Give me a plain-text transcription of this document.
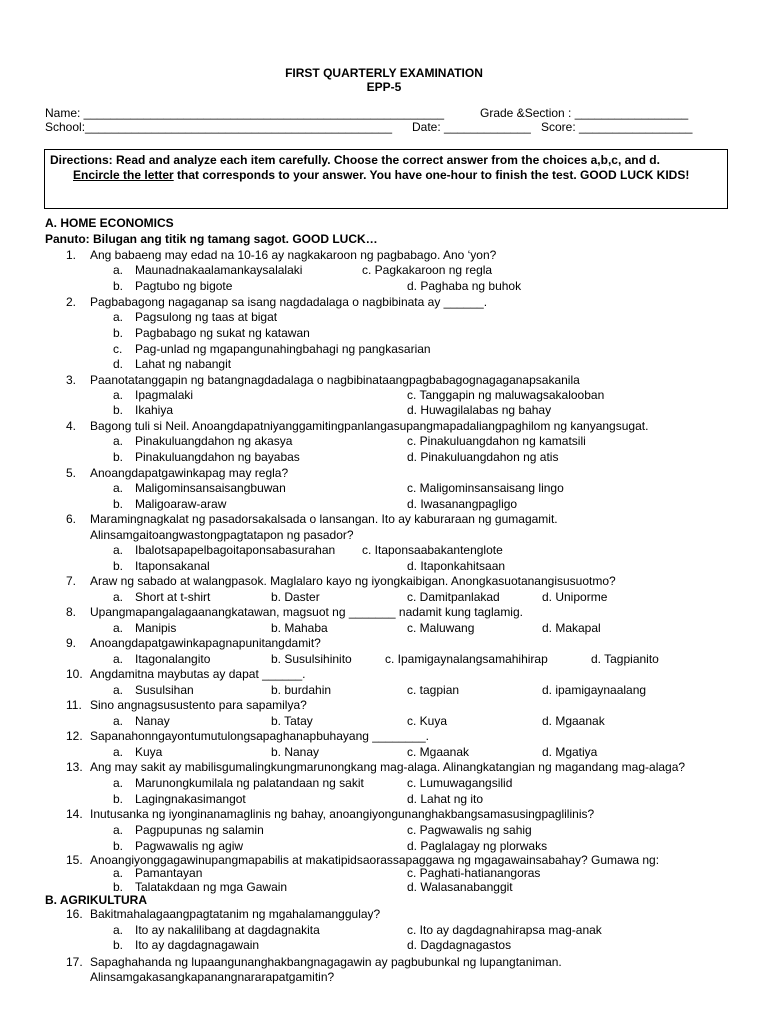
FIRST QUARTERLY EXAMINATION
EPP-5
Name: ______________________________________________________	Grade &Section : _________________
School:______________________________________________ Date: _____________ Score: _________________
Directions: Read and analyze each item carefully. Choose the correct answer from the choices a,b,c, and d.
Encircle the letter that corresponds to your answer. You have one-hour to finish the test. GOOD LUCK KIDS!
A. HOME ECONOMICS
Panuto: Bilugan ang titik ng tamang sagot. GOOD LUCK…
1. Ang babaeng may edad na 10-16 ay nagkakaroon ng pagbabago. Ano ‘yon?
a. Maunadnakaalamankaysalalaki	c. Pagkakaroon ng regla
b. Pagtubo ng bigote	d. Paghaba ng buhok
2. Pagbabagong nagaganap sa isang nagdadalaga o nagbibinata ay ______.
a. Pagsulong ng taas at bigat
b. Pagbabago ng sukat ng katawan
c. Pag-unlad ng mgapangunahingbahagi ng pangkasarian
d. Lahat ng nabangit
3. Paanotatanggapin ng batangnagdadalaga o nagbibinataangpagbabagognagaganapsakanila
a. Ipagmalaki	c. Tanggapin ng maluwagsakalooban
b. Ikahiya	d. Huwagilalabas ng bahay
4. Bagong tuli si Neil. Anoangdapatniyanggamitingpanlangasupangmapadaliangpaghilom ng kanyangsugat.
a. Pinakuluangdahon ng akasya	c. Pinakuluangdahon ng kamatsili
b. Pinakuluangdahon ng bayabas	d. Pinakuluangdahon ng atis
5. Anoangdapatgawinkapag may regla?
a. Maligominsansaisangbuwan	c. Maligominsansaisang lingo
b. Maligoaraw-araw	d. Iwasanangpagligo
6. Maramingnagkalat ng pasadorsakalsada o lansangan. Ito ay kaburaraan ng gumagamit.
Alinsamgaitoangwastongpagtatapon ng pasador?
a. Ibalotsapapelbagoitaponsabasurahan c. Itaponsaabakantenglote
b. Itaponsakanal	d. Itaponkahitsaan
7. Araw ng sabado at walangpasok. Maglalaro kayo ng iyongkaibigan. Anongkasuotanangisusuotmo?
a. Short at t-shirt	b. Daster	c. Damitpanlakad	d. Uniporme
8. Upangmapangalagaanangkatawan, magsuot ng _______ nadamit kung taglamig.
a. Manipis	b. Mahaba	c. Maluwang	d. Makapal
9. Anoangdapatgawinkapagnapunitangdamit?
a. Itagonalangito	b. Susulsihinito	c. Ipamigaynalangsamahihirap	d. Tagpianito
10. Angdamitna maybutas ay dapat ______.
a. Susulsihan	b. burdahin	c. tagpian	d. ipamigaynaalang
11. Sino angnagsusustento para sapamilya?
a. Nanay	b. Tatay	c. Kuya	d. Mgaanak
12. Sapanahonngayontumutulongsapaghanapbuhayang ________.
a. Kuya	b. Nanay	c. Mgaanak	d. Mgatiya
13. Ang may sakit ay mabilisgumalingkungmarunongkang mag-alaga. Alinangkatangian ng magandang mag-alaga?
a. Marunongkumilala ng palatandaan ng sakit	c. Lumuwagangsilid
b. Lagingnakasimangot	d. Lahat ng ito
14. Inutusanka ng iyonginanamaglinis ng bahay, anoangiyongunanghakbangsamasusingpaglilinis?
a. Pagpupunas ng salamin	c. Pagwawalis ng sahig
b. Pagwawalis ng agiw	d. Paglalagay ng plorwaks
15. Anoangiyonggagawinupangmapabilis at makatipidsaorassapaggawa ng mgagawainsabahay? Gumawa ng:
a. Pamantayan	c. Paghati-hatianangoras
b. Talatakdaan ng mga Gawain	d. Walasanabanggit
B. AGRIKULTURA
16. Bakitmahalagaangpagtatanim ng mgahalamanggulay?
a. Ito ay nakalilibang at dagdagnakita	c. Ito ay dagdagnahirapsa mag-anak
b. Ito ay dagdagnagawain	d. Dagdagnagastos
17. Sapaghahanda ng lupaangunanghakbangnagagawin ay pagbubunkal ng lupangtaniman.
Alinsamgakasangkapanangnararapatgamitin?
